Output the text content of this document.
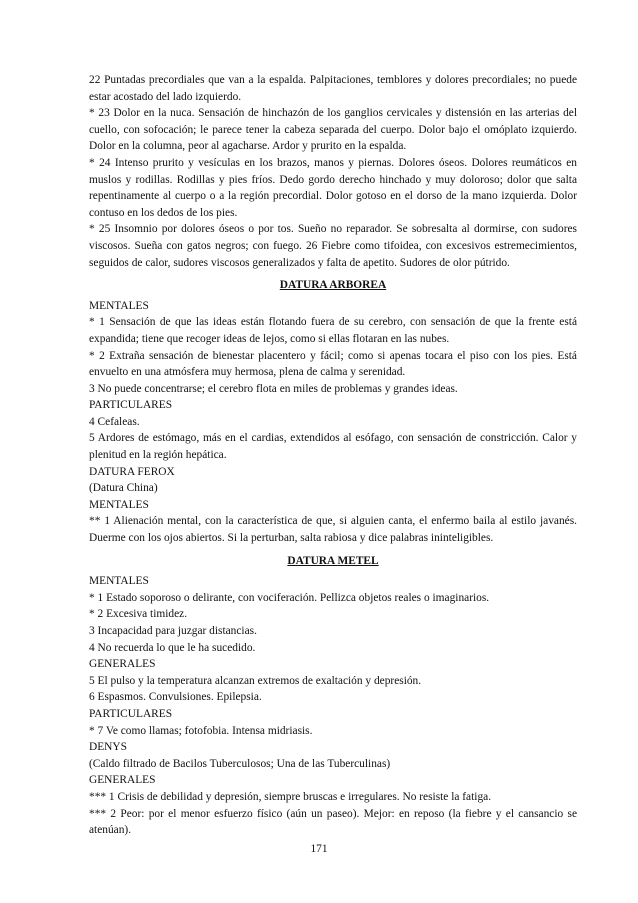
22 Puntadas precordiales que van a la espalda. Palpitaciones, temblores y dolores precordiales; no puede estar acostado del lado izquierdo.

* 23 Dolor en la nuca. Sensación de hinchazón de los ganglios cervicales y distensión en las arterias del cuello, con sofocación; le parece tener la cabeza separada del cuerpo. Dolor bajo el omóplato izquierdo. Dolor en la columna, peor al agacharse. Ardor y prurito en la espalda.

* 24 Intenso prurito y vesículas en los brazos, manos y piernas. Dolores óseos. Dolores reumáticos en muslos y rodillas. Rodillas y pies fríos. Dedo gordo derecho hinchado y muy doloroso; dolor que salta repentinamente al cuerpo o a la región precordial. Dolor gotoso en el dorso de la mano izquierda. Dolor contuso en los dedos de los pies.

* 25 Insomnio por dolores óseos o por tos. Sueño no reparador. Se sobresalta al dormirse, con sudores viscosos. Sueña con gatos negros; con fuego. 26 Fiebre como tifoidea, con excesivos estremecimientos, seguidos de calor, sudores viscosos generalizados y falta de apetito. Sudores de olor pútrido.

DATURA ARBOREA

MENTALES

* 1 Sensación de que las ideas están flotando fuera de su cerebro, con sensación de que la frente está expandida; tiene que recoger ideas de lejos, como si ellas flotaran en las nubes.

* 2 Extraña sensación de bienestar placentero y fácil; como si apenas tocara el piso con los pies. Está envuelto en una atmósfera muy hermosa, plena de calma y serenidad.

3 No puede concentrarse; el cerebro flota en miles de problemas y grandes ideas.

PARTICULARES

4 Cefaleas.

5 Ardores de estómago, más en el cardias, extendidos al esófago, con sensación de constricción. Calor y plenitud en la región hepática.

DATURA FEROX

(Datura China)

MENTALES

** 1 Alienación mental, con la característica de que, si alguien canta, el enfermo baila al estilo javanés. Duerme con los ojos abiertos. Si la perturban, salta rabiosa y dice palabras ininteligibles.

DATURA METEL

MENTALES

* 1 Estado soporoso o delirante, con vociferación. Pellizca objetos reales o imaginarios.

* 2 Excesiva timidez.

3 Incapacidad para juzgar distancias.

4 No recuerda lo que le ha sucedido.

GENERALES

5 El pulso y la temperatura alcanzan extremos de exaltación y depresión.

6 Espasmos. Convulsiones. Epilepsia.

PARTICULARES

* 7 Ve como llamas; fotofobia. Intensa midriasis.

DENYS

(Caldo filtrado de Bacilos Tuberculosos; Una de las Tuberculinas)

GENERALES

*** 1 Crisis de debilidad y depresión, siempre bruscas e irregulares. No resiste la fatiga.

*** 2 Peor: por el menor esfuerzo físico (aún un paseo). Mejor: en reposo (la fiebre y el cansancio se atenúan).

171
